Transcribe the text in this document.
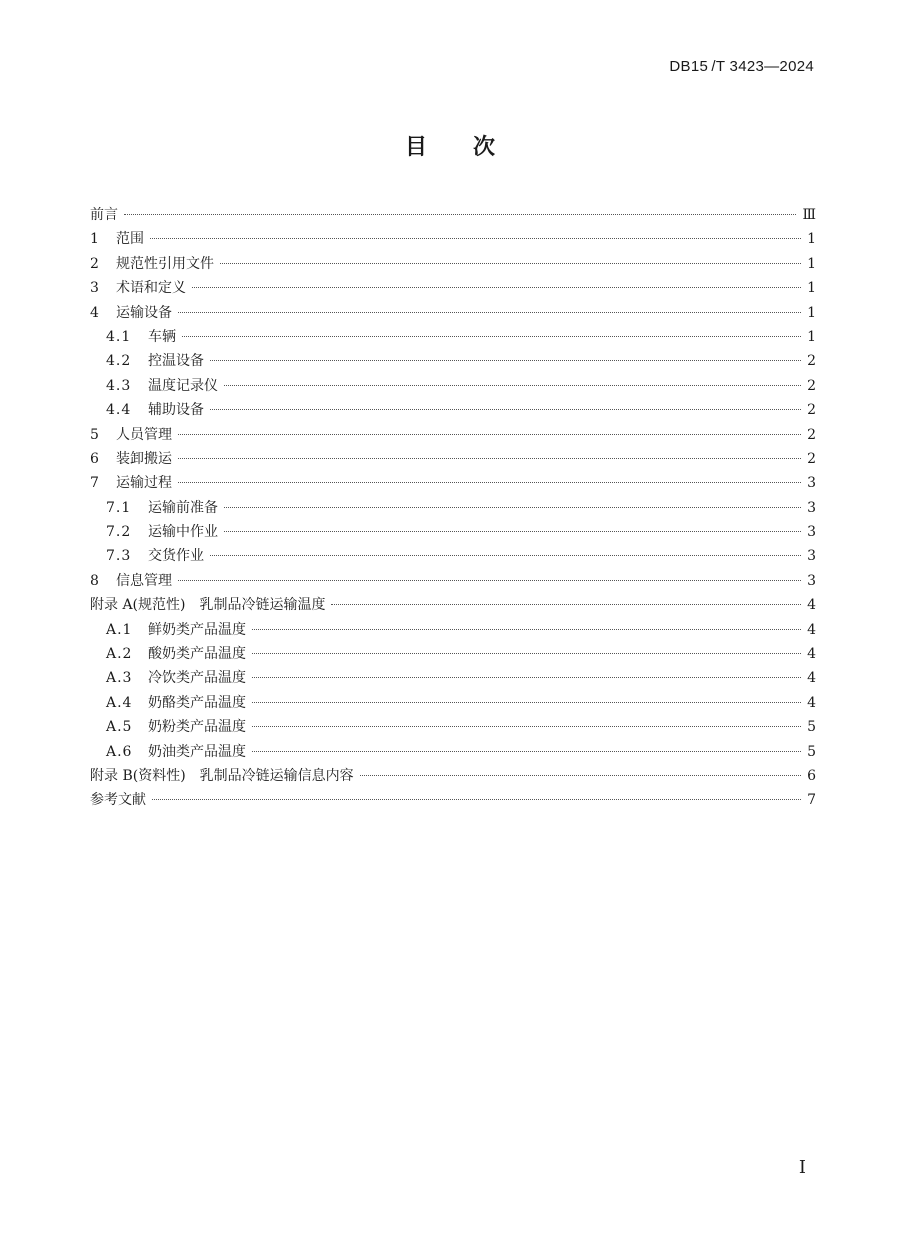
DB15 /T 3423—2024
目次
前言	Ⅲ
1 范围	1
2 规范性引用文件	1
3 术语和定义	1
4 运输设备	1
4.1 车辆	1
4.2 控温设备	2
4.3 温度记录仪	2
4.4 辅助设备	2
5 人员管理	2
6 装卸搬运	2
7 运输过程	3
7.1 运输前准备	3
7.2 运输中作业	3
7.3 交货作业	3
8 信息管理	3
附录 A(规范性)　乳制品冷链运输温度	4
A.1 鲜奶类产品温度	4
A.2 酸奶类产品温度	4
A.3 冷饮类产品温度	4
A.4 奶酪类产品温度	4
A.5 奶粉类产品温度	5
A.6 奶油类产品温度	5
附录 B(资料性)　乳制品冷链运输信息内容	6
参考文献	7
I
